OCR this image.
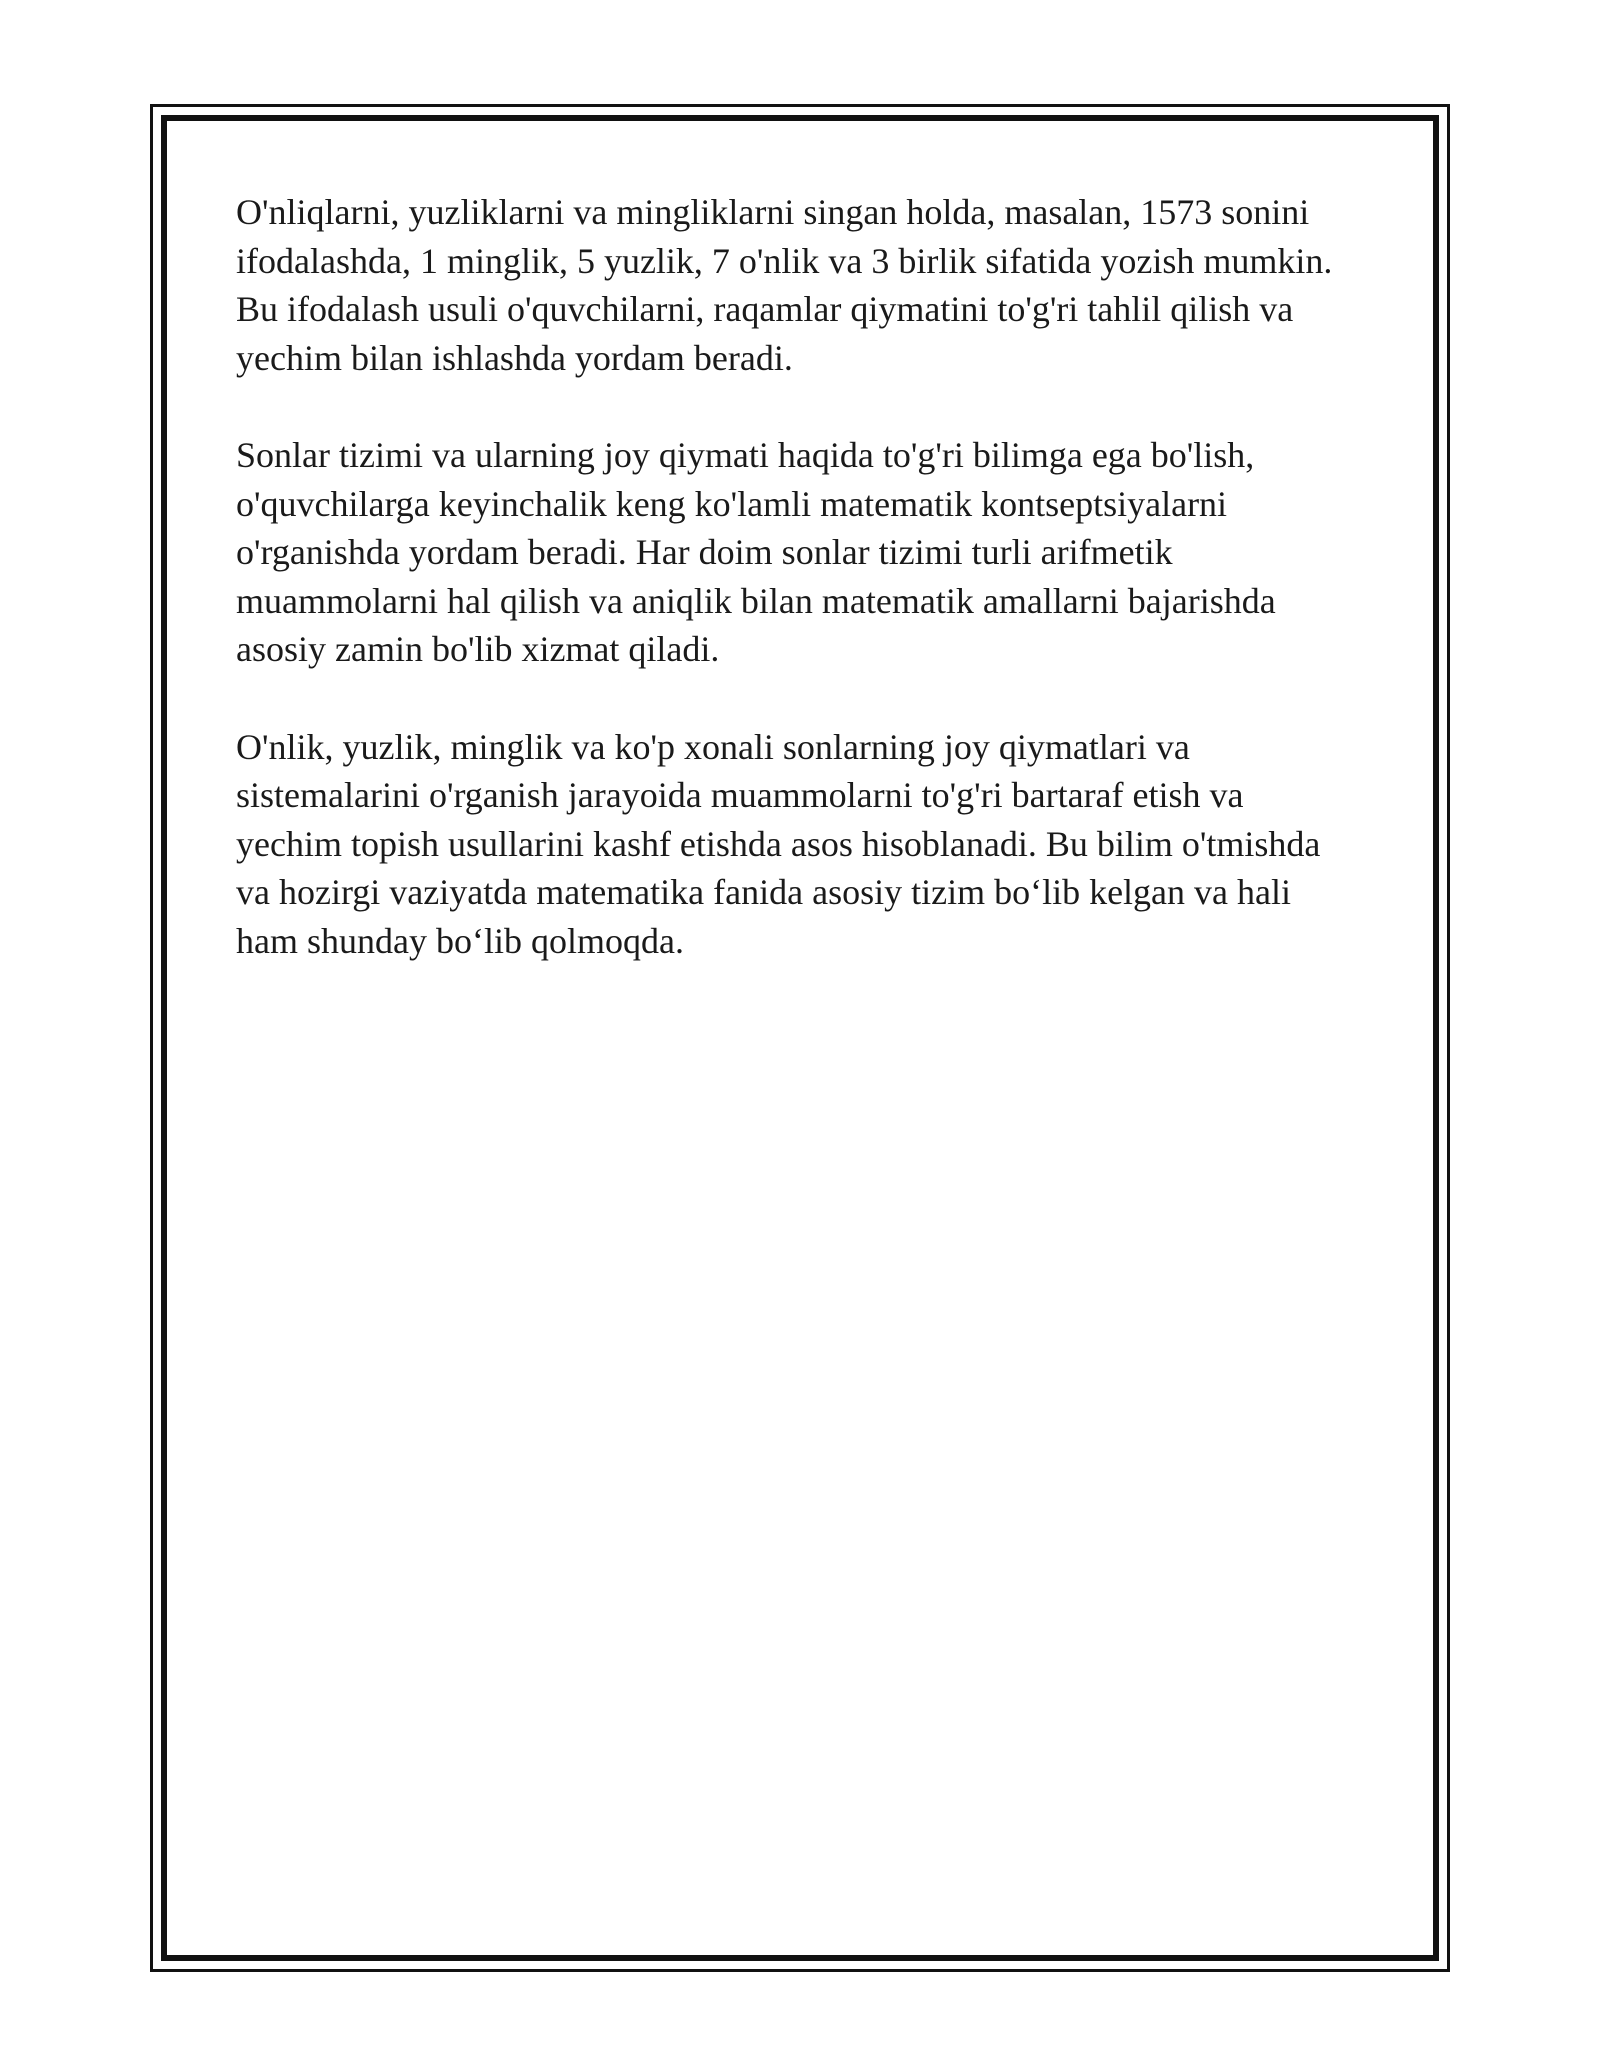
O'nliqlarni, yuzliklarni va mingliklarni singan holda, masalan, 1573 sonini
ifodalashda, 1 minglik, 5 yuzlik, 7 o'nlik va 3 birlik sifatida yozish mumkin.
Bu ifodalash usuli o'quvchilarni, raqamlar qiymatini to'g'ri tahlil qilish va
yechim bilan ishlashda yordam beradi.

Sonlar tizimi va ularning joy qiymati haqida to'g'ri bilimga ega bo'lish,
o'quvchilarga keyinchalik keng ko'lamli matematik kontseptsiyalarni
o'rganishda yordam beradi. Har doim sonlar tizimi turli arifmetik
muammolarni hal qilish va aniqlik bilan matematik amallarni bajarishda
asosiy zamin bo'lib xizmat qiladi.

O'nlik, yuzlik, minglik va ko'p xonali sonlarning joy qiymatlari va
sistemalarini o'rganish jarayoida muammolarni to'g'ri bartaraf etish va
yechim topish usullarini kashf etishda asos hisoblanadi. Bu bilim o'tmishda
va hozirgi vaziyatda matematika fanida asosiy tizim bo‘lib kelgan va hali
ham shunday bo‘lib qolmoqda.
